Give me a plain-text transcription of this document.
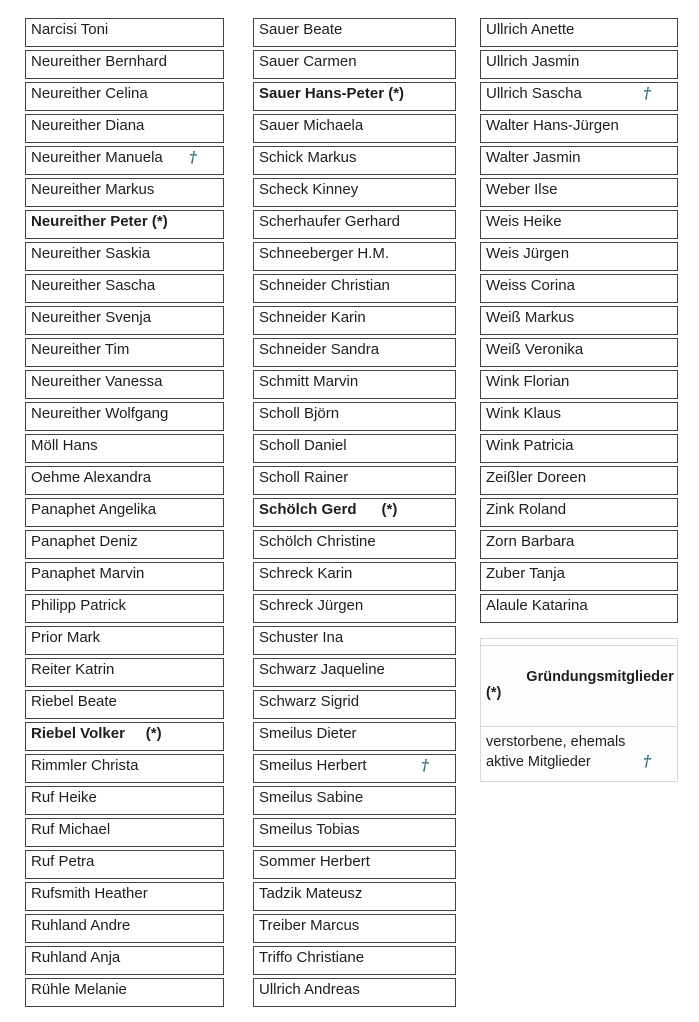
Narcisi Toni
Neureither Bernhard
Neureither Celina
Neureither Diana
Neureither Manuela †
Neureither Markus
Neureither Peter (*)
Neureither Saskia
Neureither Sascha
Neureither Svenja
Neureither Tim
Neureither Vanessa
Neureither Wolfgang
Möll Hans
Oehme Alexandra
Panaphet Angelika
Panaphet Deniz
Panaphet Marvin
Philipp Patrick
Prior Mark
Reiter Katrin
Riebel Beate
Riebel Volker     (*)
Rimmler Christa
Ruf Heike
Ruf Michael
Ruf Petra
Rufsmith Heather
Ruhland Andre
Ruhland Anja
Rühle Melanie
Sauer Beate
Sauer Carmen
Sauer Hans-Peter (*)
Sauer Michaela
Schick Markus
Scheck Kinney
Scherhaufer Gerhard
Schneeberger H.M.
Schneider Christian
Schneider Karin
Schneider Sandra
Schmitt Marvin
Scholl Björn
Scholl Daniel
Scholl Rainer
Schölch Gerd      (*)
Schölch Christine
Schreck Karin
Schreck Jürgen
Schuster Ina
Schwarz Jaqueline
Schwarz Sigrid
Smeilus Dieter
Smeilus Herbert	†
Smeilus Sabine
Smeilus Tobias
Sommer Herbert
Tadzik Mateusz
Treiber Marcus
Triffo Christiane
Ullrich Andreas
Ullrich Anette
Ullrich Jasmin
Ullrich Sascha	†
Walter Hans-Jürgen
Walter Jasmin
Weber Ilse
Weis Heike
Weis Jürgen
Weiss Corina
Weiß Markus
Weiß Veronika
Wink Florian
Wink Klaus
Wink Patricia
Zeißler Doreen
Zink Roland
Zorn Barbara
Zuber Tanja
Alaule Katarina

Gründungsmitglieder   (*)

verstorbene, ehemals
aktive Mitglieder	†
